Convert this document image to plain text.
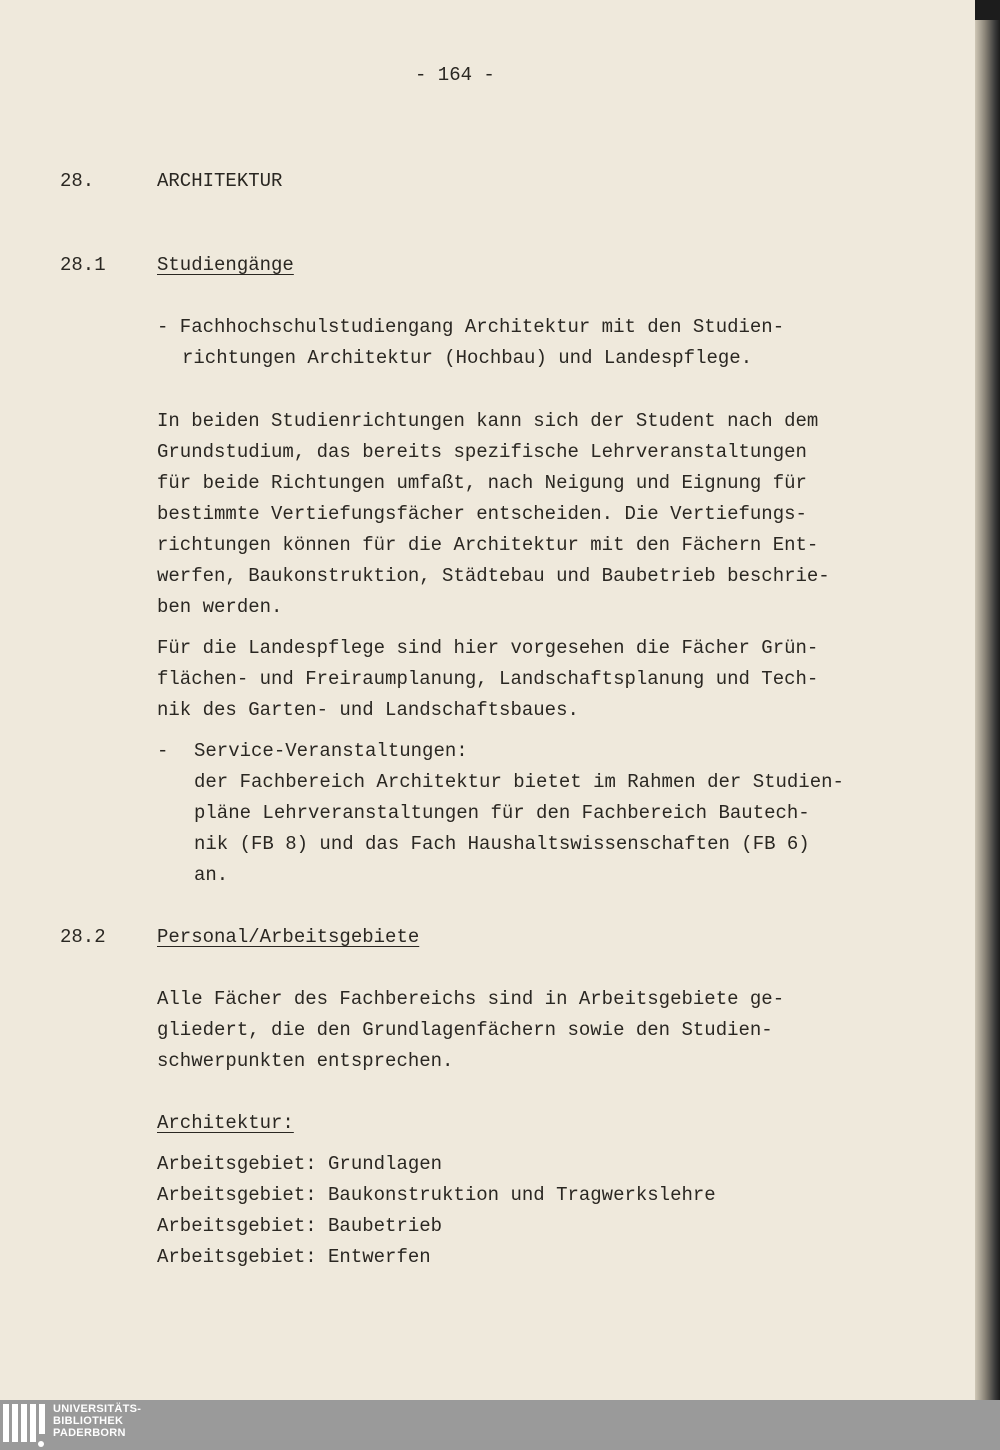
- 164 -
28.	ARCHITEKTUR
28.1	Studiengänge
- Fachhochschulstudiengang Architektur mit den Studien-
richtungen Architektur (Hochbau) und Landespflege.
In beiden Studienrichtungen kann sich der Student nach dem
Grundstudium, das bereits spezifische Lehrveranstaltungen
für beide Richtungen umfaßt, nach Neigung und Eignung für
bestimmte Vertiefungsfächer entscheiden. Die Vertiefungs-
richtungen können für die Architektur mit den Fächern Ent-
werfen, Baukonstruktion, Städtebau und Baubetrieb beschrie-
ben werden.
Für die Landespflege sind hier vorgesehen die Fächer Grün-
flächen- und Freiraumplanung, Landschaftsplanung und Tech-
nik des Garten- und Landschaftsbaues.
- Service-Veranstaltungen:
der Fachbereich Architektur bietet im Rahmen der Studien-
pläne Lehrveranstaltungen für den Fachbereich Bautech-
nik (FB 8) und das Fach Haushaltswissenschaften (FB 6)
an.
28.2	Personal/Arbeitsgebiete
Alle Fächer des Fachbereichs sind in Arbeitsgebiete ge-
gliedert, die den Grundlagenfächern sowie den Studien-
schwerpunkten entsprechen.
Architektur:
Arbeitsgebiet: Grundlagen
Arbeitsgebiet: Baukonstruktion und Tragwerkslehre
Arbeitsgebiet: Baubetrieb
Arbeitsgebiet: Entwerfen
UNIVERSITÄTS-
BIBLIOTHEK
PADERBORN
